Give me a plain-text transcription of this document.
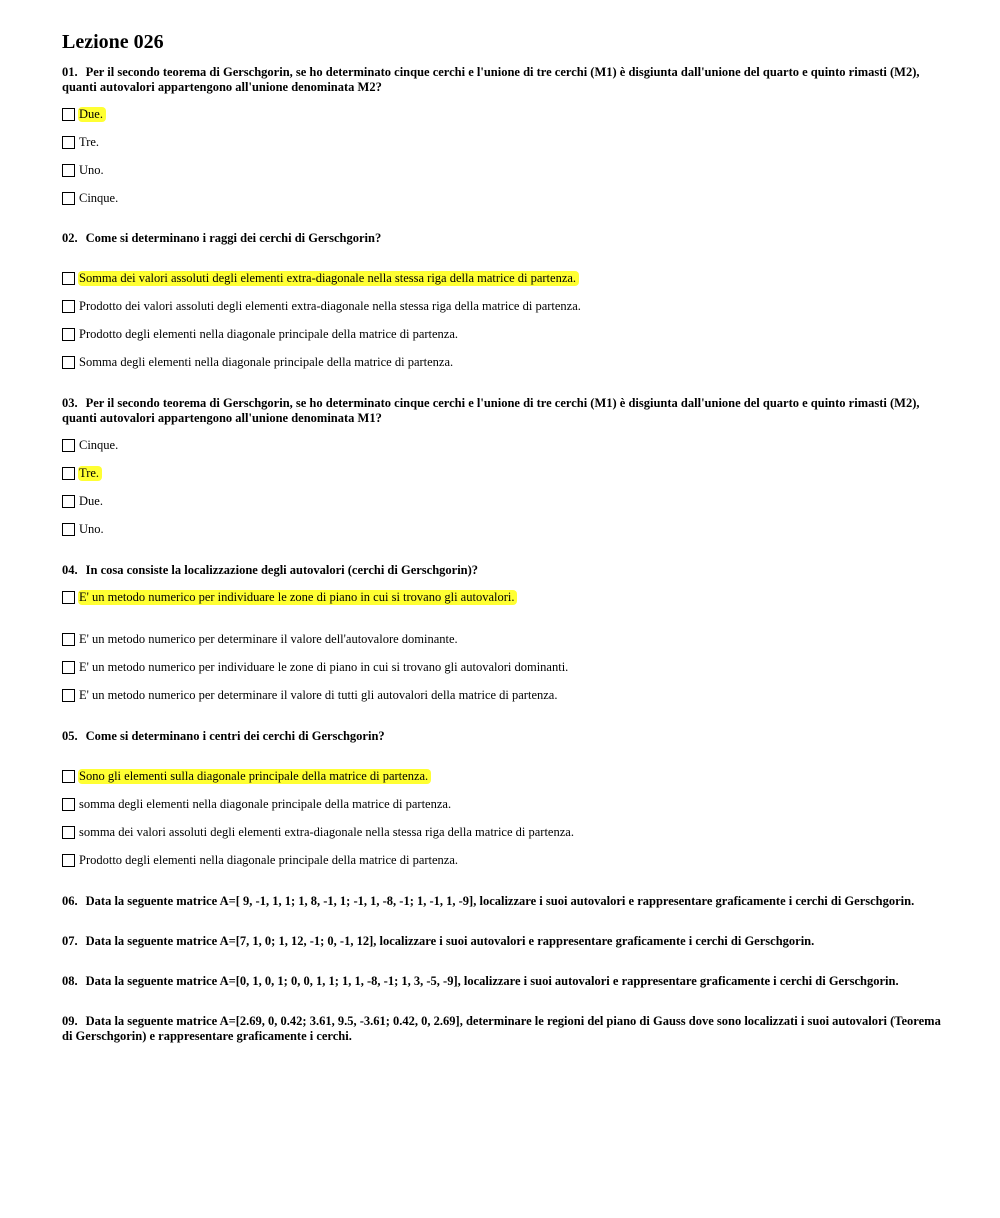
Lezione 026
01. Per il secondo teorema di Gerschgorin, se ho determinato cinque cerchi e l'unione di tre cerchi (M1) è disgiunta dall'unione del quarto e quinto rimasti (M2), quanti autovalori appartengono all'unione denominata M2?
Due.
Tre.
Uno.
Cinque.
02. Come si determinano i raggi dei cerchi di Gerschgorin?
Somma dei valori assoluti degli elementi extra-diagonale nella stessa riga della matrice di partenza.
Prodotto dei valori assoluti degli elementi extra-diagonale nella stessa riga della matrice di partenza.
Prodotto degli elementi nella diagonale principale della matrice di partenza.
Somma degli elementi nella diagonale principale della matrice di partenza.
03. Per il secondo teorema di Gerschgorin, se ho determinato cinque cerchi e l'unione di tre cerchi (M1) è disgiunta dall'unione del quarto e quinto rimasti (M2), quanti autovalori appartengono all'unione denominata M1?
Cinque.
Tre.
Due.
Uno.
04. In cosa consiste la localizzazione degli autovalori (cerchi di Gerschgorin)?
E' un metodo numerico per individuare le zone di piano in cui si trovano gli autovalori.
E' un metodo numerico per determinare il valore dell'autovalore dominante.
E' un metodo numerico per individuare le zone di piano in cui si trovano gli autovalori dominanti.
E' un metodo numerico per determinare il valore di tutti gli autovalori della matrice di partenza.
05. Come si determinano i centri dei cerchi di Gerschgorin?
Sono gli elementi sulla diagonale principale della matrice di partenza.
somma degli elementi nella diagonale principale della matrice di partenza.
somma dei valori assoluti degli elementi extra-diagonale nella stessa riga della matrice di partenza.
Prodotto degli elementi nella diagonale principale della matrice di partenza.
06. Data la seguente matrice A=[ 9, -1, 1, 1; 1, 8, -1, 1; -1, 1, -8, -1; 1, -1, 1, -9], localizzare i suoi autovalori e rappresentare graficamente i cerchi di Gerschgorin.
07. Data la seguente matrice A=[7, 1, 0; 1, 12, -1; 0, -1, 12], localizzare i suoi autovalori e rappresentare graficamente i cerchi di Gerschgorin.
08. Data la seguente matrice A=[0, 1, 0, 1; 0, 0, 1, 1; 1, 1, -8, -1; 1, 3, -5, -9], localizzare i suoi autovalori e rappresentare graficamente i cerchi di Gerschgorin.
09. Data la seguente matrice A=[2.69, 0, 0.42; 3.61, 9.5, -3.61; 0.42, 0, 2.69], determinare le regioni del piano di Gauss dove sono localizzati i suoi autovalori (Teorema di Gerschgorin) e rappresentare graficamente i cerchi.
